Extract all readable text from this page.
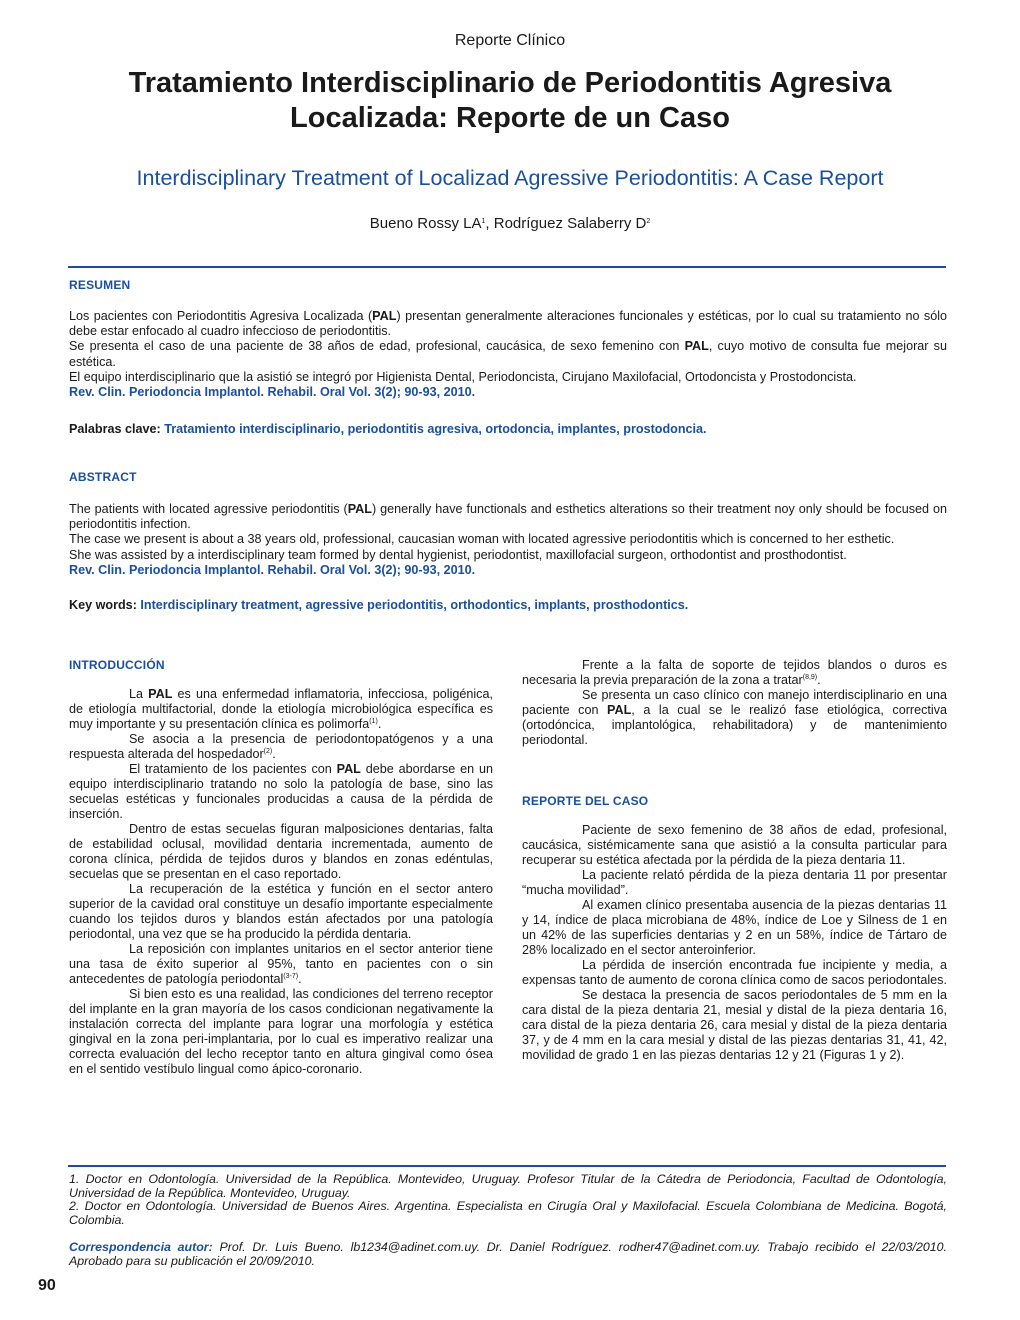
Reporte Clínico
Tratamiento Interdisciplinario de Periodontitis Agresiva
Localizada: Reporte de un Caso
Interdisciplinary Treatment of Localizad Agressive Periodontitis: A Case Report
Bueno Rossy $LA^1$, Rodríguez Salaberry $D^2$
RESUMEN

Los pacientes con Periodontitis Agresiva Localizada (PAL) presentan generalmente alteraciones funcionales y estéticas, por lo cual su tratamiento no sólo debe estar enfocado al cuadro infeccioso de periodontitis.

Se presenta el caso de una paciente de 38 años de edad, profesional, caucásica, de sexo femenino con PAL, cuyo motivo de consulta fue mejorar su estética.

El equipo interdisciplinario que la asistió se integró por Higienista Dental, Periodoncista, Cirujano Maxilofacial, Ortodoncista y Prostodoncista.

Rev. Clin. Periodoncia Implantol. Rehabil. Oral Vol. 3(2); 90-93, 2010.

Palabras clave: Tratamiento interdisciplinario, periodontitis agresiva, ortodoncia, implantes, prostodoncia.
ABSTRACT

The patients with located agressive periodontitis (PAL) generally have functionals and esthetics alterations so their treatment noy only should be focused on periodontitis infection.

The case we present is about a 38 years old, professional, caucasian woman with located agressive periodontitis which is concerned to her esthetic.

She was assisted by a interdisciplinary team formed by dental hygienist, periodontist, maxillofacial surgeon, orthodontist and prosthodontist.

Rev. Clin. Periodoncia Implantol. Rehabil. Oral Vol. 3(2); 90-93, 2010.

Key words: Interdisciplinary treatment, agressive periodontitis, orthodontics, implants, prosthodontics.
INTRODUCCIÓN

La PAL es una enfermedad inflamatoria, infecciosa, poligénica, de etiología multifactorial, donde la etiología microbiológica específica es muy importante y su presentación clínica es polimorfa$^{(1)}$.

Se asocia a la presencia de periodontopatógenos y a una respuesta alterada del hospedador$^{(2)}$.

El tratamiento de los pacientes con PAL debe abordarse en un equipo interdisciplinario tratando no solo la patología de base, sino las secuelas estéticas y funcionales producidas a causa de la pérdida de inserción.

Dentro de estas secuelas figuran malposiciones dentarias, falta de estabilidad oclusal, movilidad dentaria incrementada, aumento de corona clínica, pérdida de tejidos duros y blandos en zonas edéntulas, secuelas que se presentan en el caso reportado.

La recuperación de la estética y función en el sector antero superior de la cavidad oral constituye un desafío importante especialmente cuando los tejidos duros y blandos están afectados por una patología periodontal, una vez que se ha producido la pérdida dentaria.

La reposición con implantes unitarios en el sector anterior tiene una tasa de éxito superior al 95%, tanto en pacientes con o sin antecedentes de patología periodontal$^{(3-7)}$.

Si bien esto es una realidad, las condiciones del terreno receptor del implante en la gran mayoría de los casos condicionan negativamente la instalación correcta del implante para lograr una morfología y estética gingival en la zona peri-implantaria, por lo cual es imperativo realizar una correcta evaluación del lecho receptor tanto en altura gingival como ósea en el sentido vestíbulo lingual como ápico-coronario.

Frente a la falta de soporte de tejidos blandos o duros es necesaria la previa preparación de la zona a tratar$^{(8,9)}$.

Se presenta un caso clínico con manejo interdisciplinario en una paciente con PAL, a la cual se le realizó fase etiológica, correctiva (ortodóncica, implantológica, rehabilitadora) y de mantenimiento periodontal.

REPORTE DEL CASO

Paciente de sexo femenino de 38 años de edad, profesional, caucásica, sistémicamente sana que asistió a la consulta particular para recuperar su estética afectada por la pérdida de la pieza dentaria 11.

La paciente relató pérdida de la pieza dentaria 11 por presentar “mucha movilidad”.

Al examen clínico presentaba ausencia de la piezas dentarias 11 y 14, índice de placa microbiana de 48%, índice de Loe y Silness de 1 en un 42% de las superficies dentarias y 2 en un 58%, índice de Tártaro de 28% localizado en el sector anteroinferior.

La pérdida de inserción encontrada fue incipiente y media, a expensas tanto de aumento de corona clínica como de sacos periodontales.

Se destaca la presencia de sacos periodontales de 5 mm en la cara distal de la pieza dentaria 21, mesial y distal de la pieza dentaria 16, cara distal de la pieza dentaria 26, cara mesial y distal de la pieza dentaria 37, y de 4 mm en la cara mesial y distal de las piezas dentarias 31, 41, 42, movilidad de grado 1 en las piezas dentarias 12 y 21 (Figuras 1 y 2).

1. Doctor en Odontología. Universidad de la República. Montevideo, Uruguay. Profesor Titular de la Cátedra de Periodoncia, Facultad de Odontología, Universidad de la República. Montevideo, Uruguay.

2. Doctor en Odontología. Universidad de Buenos Aires. Argentina. Especialista en Cirugía Oral y Maxilofacial. Escuela Colombiana de Medicina. Bogotá, Colombia.

Correspondencia autor: Prof. Dr. Luis Bueno. lb1234@adinet.com.uy. Dr. Daniel Rodríguez. rodher47@adinet.com.uy. Trabajo recibido el 22/03/2010. Aprobado para su publicación el 20/09/2010.

90
